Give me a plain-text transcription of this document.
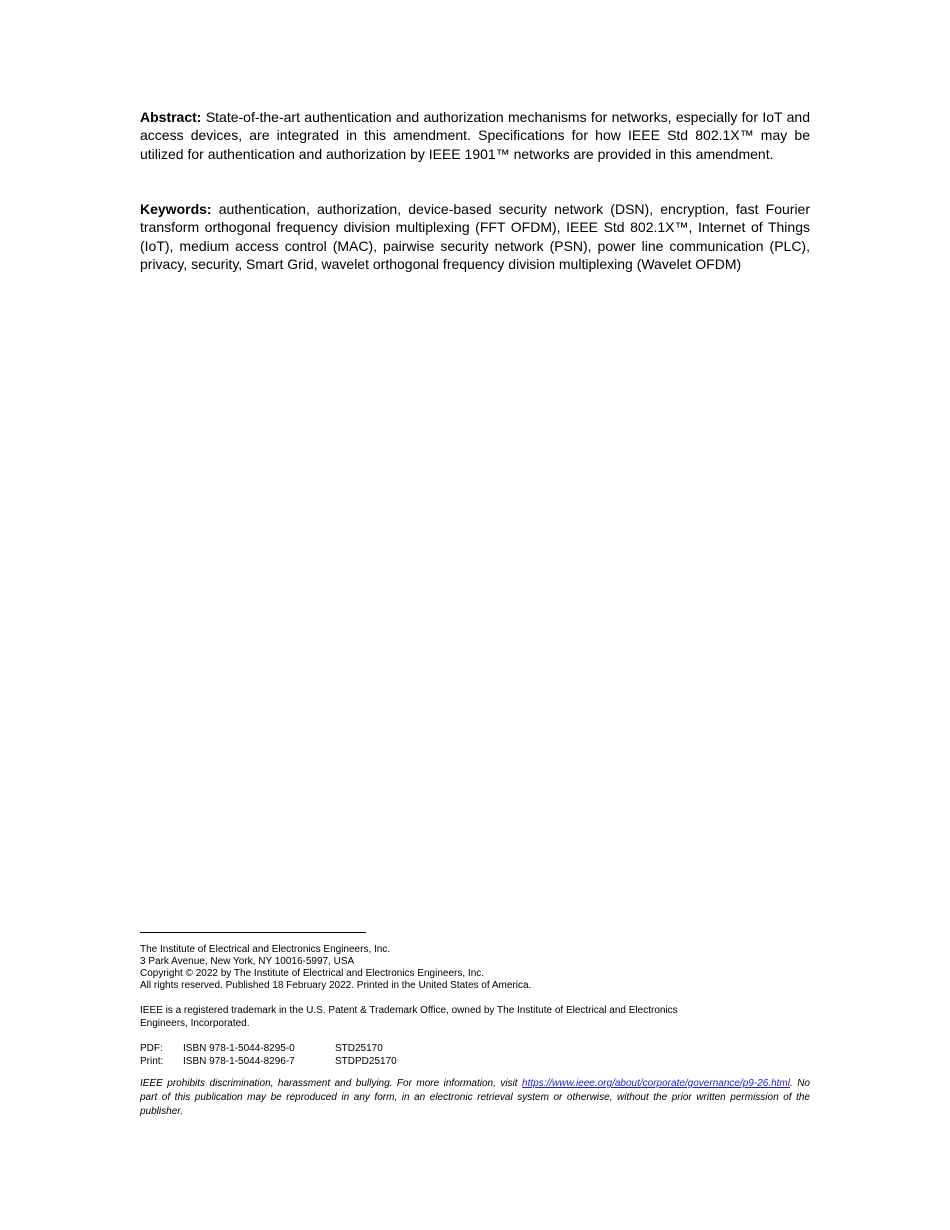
Abstract: State-of-the-art authentication and authorization mechanisms for networks, especially for IoT and access devices, are integrated in this amendment. Specifications for how IEEE Std 802.1X™ may be utilized for authentication and authorization by IEEE 1901™ networks are provided in this amendment.

Keywords: authentication, authorization, device-based security network (DSN), encryption, fast Fourier transform orthogonal frequency division multiplexing (FFT OFDM), IEEE Std 802.1X™, Internet of Things (IoT), medium access control (MAC), pairwise security network (PSN), power line communication (PLC), privacy, security, Smart Grid, wavelet orthogonal frequency division multiplexing (Wavelet OFDM)

The Institute of Electrical and Electronics Engineers, Inc.
3 Park Avenue, New York, NY 10016-5997, USA
Copyright © 2022 by The Institute of Electrical and Electronics Engineers, Inc.
All rights reserved. Published 18 February 2022. Printed in the United States of America.
IEEE is a registered trademark in the U.S. Patent & Trademark Office, owned by The Institute of Electrical and Electronics
Engineers, Incorporated.
PDF:	ISBN 978-1-5044-8295-0	STD25170
Print:	ISBN 978-1-5044-8296-7	STDPD25170

IEEE prohibits discrimination, harassment and bullying. For more information, visit https://www.ieee.org/about/corporate/governance/p9-26.html. No part of this publication may be reproduced in any form, in an electronic retrieval system or otherwise, without the prior written permission of the publisher.
